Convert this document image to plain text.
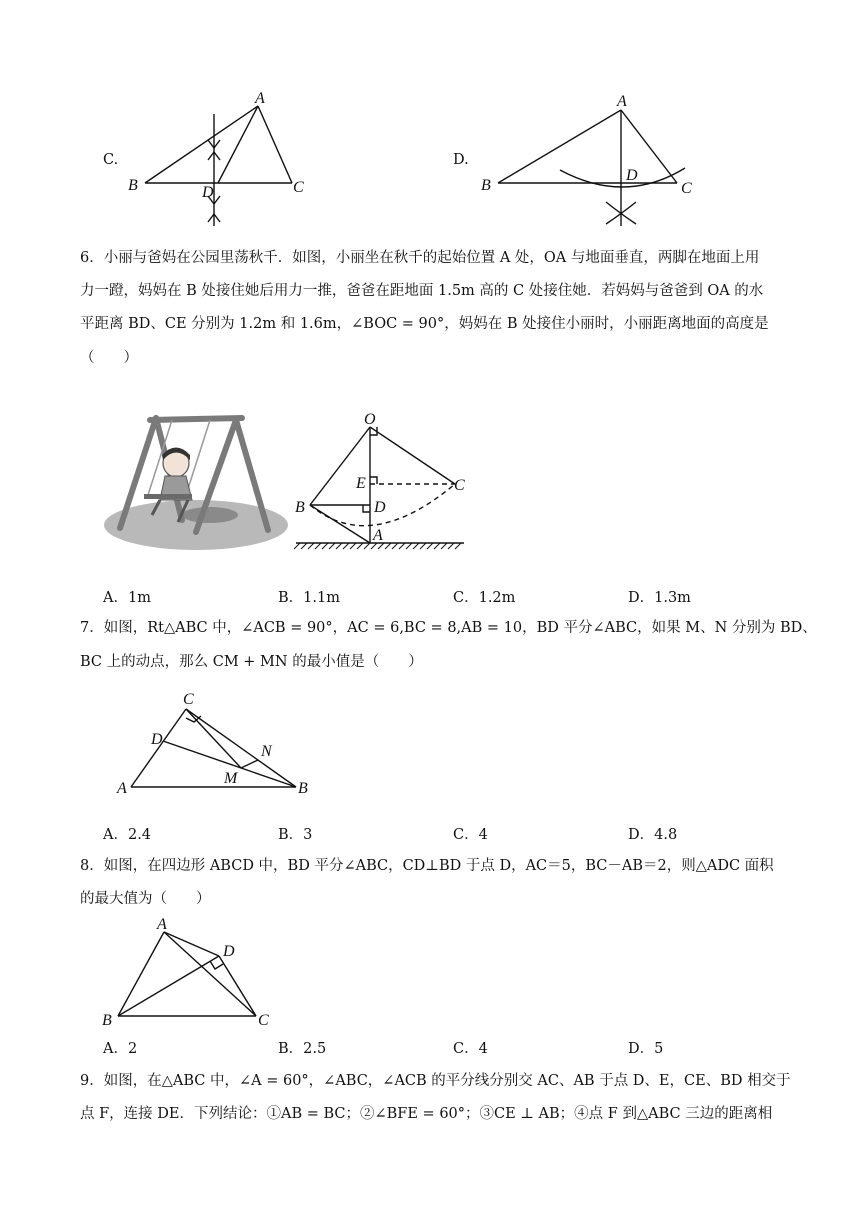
C.
A
B	C
D
D.
A
B	C
D
6．小丽与爸妈在公园里荡秋千．如图，小丽坐在秋千的起始位置 A 处，OA 与地面垂直，两脚在地面上用
力一蹬，妈妈在 B 处接住她后用力一推，爸爸在距地面 1.5m 高的 C 处接住她．若妈妈与爸爸到 OA 的水
平距离 BD、CE 分别为 1.2m 和 1.6m，∠BOC = 90°，妈妈在 B 处接住小丽时，小丽距离地面的高度是
（　　）
O
E	C
B	D
A
A．1m	B．1.1m	C．1.2m	D．1.3m
7．如图，Rt△ABC 中，∠ACB = 90°，AC = 6,BC = 8,AB = 10，BD 平分∠ABC，如果 M、N 分别为 BD、
BC 上的动点，那么 CM + MN 的最小值是（　　）
C
D
N
M
A	B
A．2.4	B．3	C．4	D．4.8
8．如图，在四边形 ABCD 中，BD 平分∠ABC，CD⊥BD 于点 D，AC＝5，BC－AB＝2，则△ADC 面积
的最大值为（　　）
A
D
B	C
A．2	B．2.5	C．4	D．5
9．如图，在△ABC 中，∠A = 60°，∠ABC，∠ACB 的平分线分别交 AC、AB 于点 D、E，CE、BD 相交于
点 F，连接 DE．下列结论：①AB = BC；②∠BFE = 60°；③CE ⊥ AB；④点 F 到△ABC 三边的距离相
